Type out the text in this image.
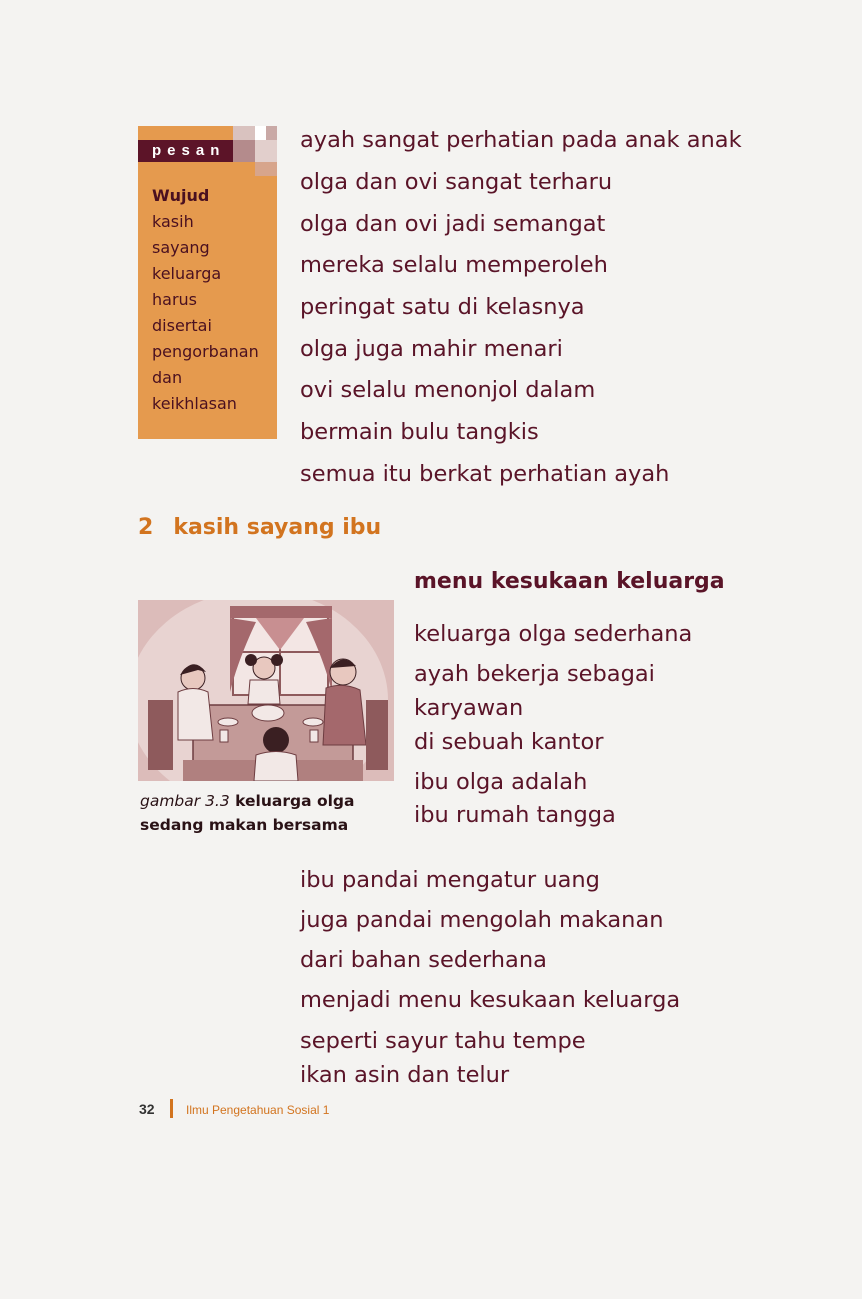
pesan
Wujud
kasih
sayang
keluarga
harus
disertai
pengorbanan
dan
keikhlasan
ayah sangat perhatian pada anak anak
olga dan ovi sangat terharu
olga dan ovi jadi semangat
mereka selalu memperoleh
peringat satu di kelasnya
olga juga mahir menari
ovi selalu menonjol dalam
bermain bulu tangkis
semua itu berkat perhatian ayah
2 kasih sayang ibu
menu kesukaan keluarga
gambar 3.3 keluarga olga
sedang makan bersama
keluarga olga sederhana
ayah bekerja sebagai
karyawan
di sebuah kantor
ibu olga adalah
ibu rumah tangga
ibu pandai mengatur uang
juga pandai mengolah makanan
dari bahan sederhana
menjadi menu kesukaan keluarga
seperti sayur tahu tempe
ikan asin dan telur
32	Ilmu Pengetahuan Sosial 1
